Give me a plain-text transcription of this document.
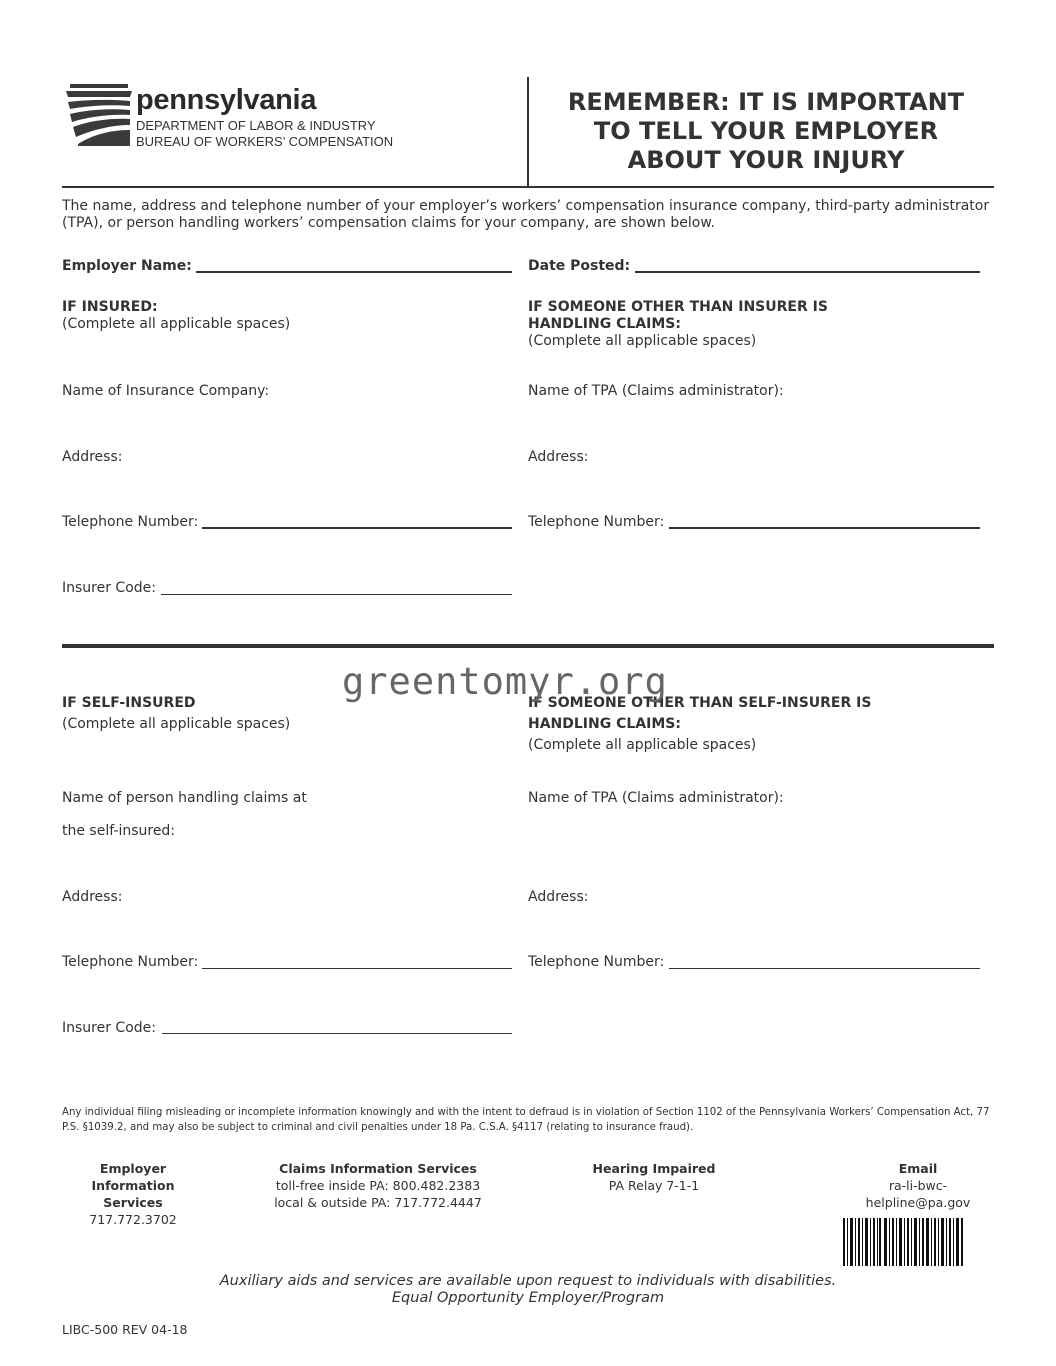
pennsylvania
DEPARTMENT OF LABOR & INDUSTRY
BUREAU OF WORKERS’ COMPENSATION
REMEMBER: IT IS IMPORTANT
TO TELL YOUR EMPLOYER
ABOUT YOUR INJURY
The name, address and telephone number of your employer’s workers’ compensation insurance company, third-party administrator (TPA), or person handling workers’ compensation claims for your company, are shown below.
Employer Name:	Date Posted:
IF INSURED:
(Complete all applicable spaces)
IF SOMEONE OTHER THAN INSURER IS
HANDLING CLAIMS:
(Complete all applicable spaces)
Name of Insurance Company:	Name of TPA (Claims administrator):
Address:	Address:
Telephone Number:	Telephone Number:
Insurer Code:
IF SELF-INSURED
(Complete all applicable spaces)
IF SOMEONE OTHER THAN SELF-INSURER IS
HANDLING CLAIMS:
(Complete all applicable spaces)
Name of person handling claims at
the self-insured:
Name of TPA (Claims administrator):
Address:	Address:
Telephone Number:	Telephone Number:
Insurer Code:
greentomyr.org
Any individual filing misleading or incomplete information knowingly and with the intent to defraud is in violation of Section 1102 of the Pennsylvania Workers’ Compensation Act, 77 P.S. §1039.2, and may also be subject to criminal and civil penalties under 18 Pa. C.S.A. §4117 (relating to insurance fraud).
Employer Information
Services
717.772.3702
Claims Information Services
toll-free inside PA: 800.482.2383
local & outside PA: 717.772.4447
Hearing Impaired
PA Relay 7-1-1
Email
ra-li-bwc-helpline@pa.gov
Auxiliary aids and services are available upon request to individuals with disabilities.
Equal Opportunity Employer/Program
LIBC-500 REV 04-18
